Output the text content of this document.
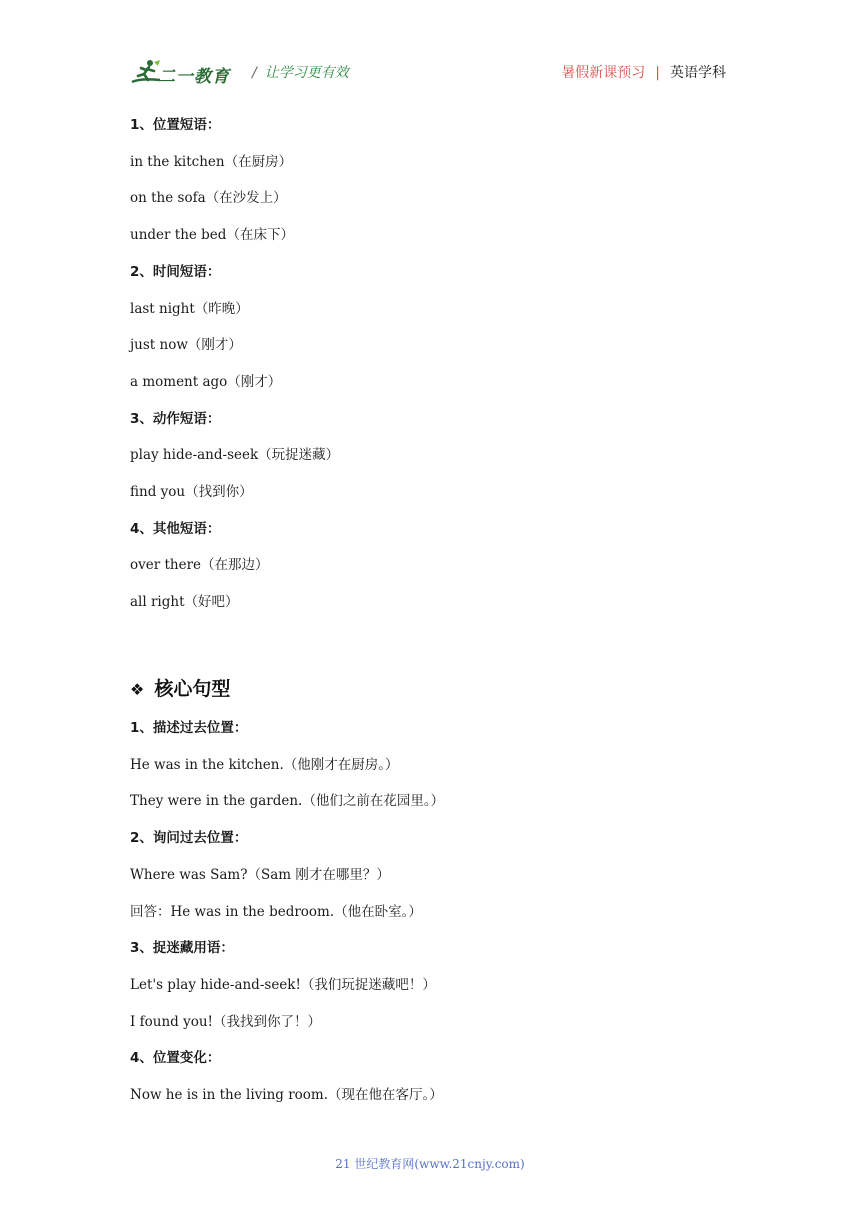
二一教育 / 让学习更有效	暑假新课预习 | 英语学科
1、位置短语：
in the kitchen（在厨房）
on the sofa（在沙发上）
under the bed（在床下）
2、时间短语：
last night（昨晚）
just now（刚才）
a moment ago（刚才）
3、动作短语：
play hide-and-seek（玩捉迷藏）
find you（找到你）
4、其他短语：
over there（在那边）
all right（好吧）
❖ 核心句型
1、描述过去位置：
He was in the kitchen.（他刚才在厨房。）
They were in the garden.（他们之前在花园里。）
2、询问过去位置：
Where was Sam?（Sam 刚才在哪里？）
回答：He was in the bedroom.（他在卧室。）
3、捉迷藏用语：
Let's play hide-and-seek!（我们玩捉迷藏吧！）
I found you!（我找到你了！）
4、位置变化：
Now he is in the living room.（现在他在客厅。）
21 世纪教育网(www.21cnjy.com)
